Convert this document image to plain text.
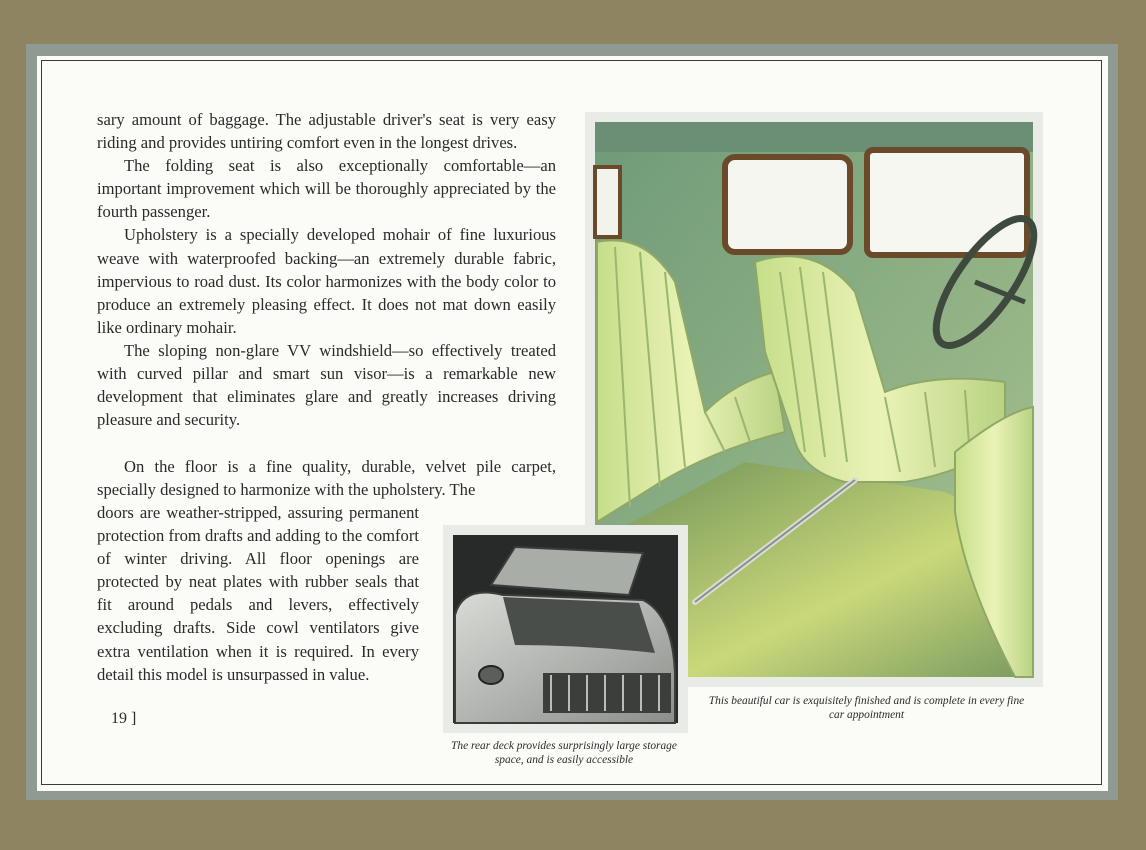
sary amount of baggage. The adjustable driver's seat is very easy riding and provides untiring comfort even in the longest drives.

The folding seat is also exceptionally comfortable—an important improvement which will be thoroughly appreciated by the fourth passenger.

Upholstery is a specially developed mohair of fine luxurious weave with waterproofed backing—an extremely durable fabric, impervious to road dust. Its color harmonizes with the body color to produce an extremely pleasing effect. It does not mat down easily like ordinary mohair.

The sloping non-glare VV windshield—so effectively treated with curved pillar and smart sun visor—is a remarkable new development that eliminates glare and greatly increases driving pleasure and security.

On the floor is a fine quality, durable, velvet pile carpet, specially designed to harmonize with the upholstery. The

doors are weather-stripped, assuring permanent protection from drafts and adding to the comfort of winter driving. All floor openings are protected by neat plates with rubber seals that fit around pedals and levers, effectively excluding drafts. Side cowl ventilators give extra ventilation when it is required. In every detail this model is unsurpassed in value.
19 ]
This beautiful car is exquisitely finished and is complete in every fine car appointment
The rear deck provides surprisingly large storage space, and is easily accessible
